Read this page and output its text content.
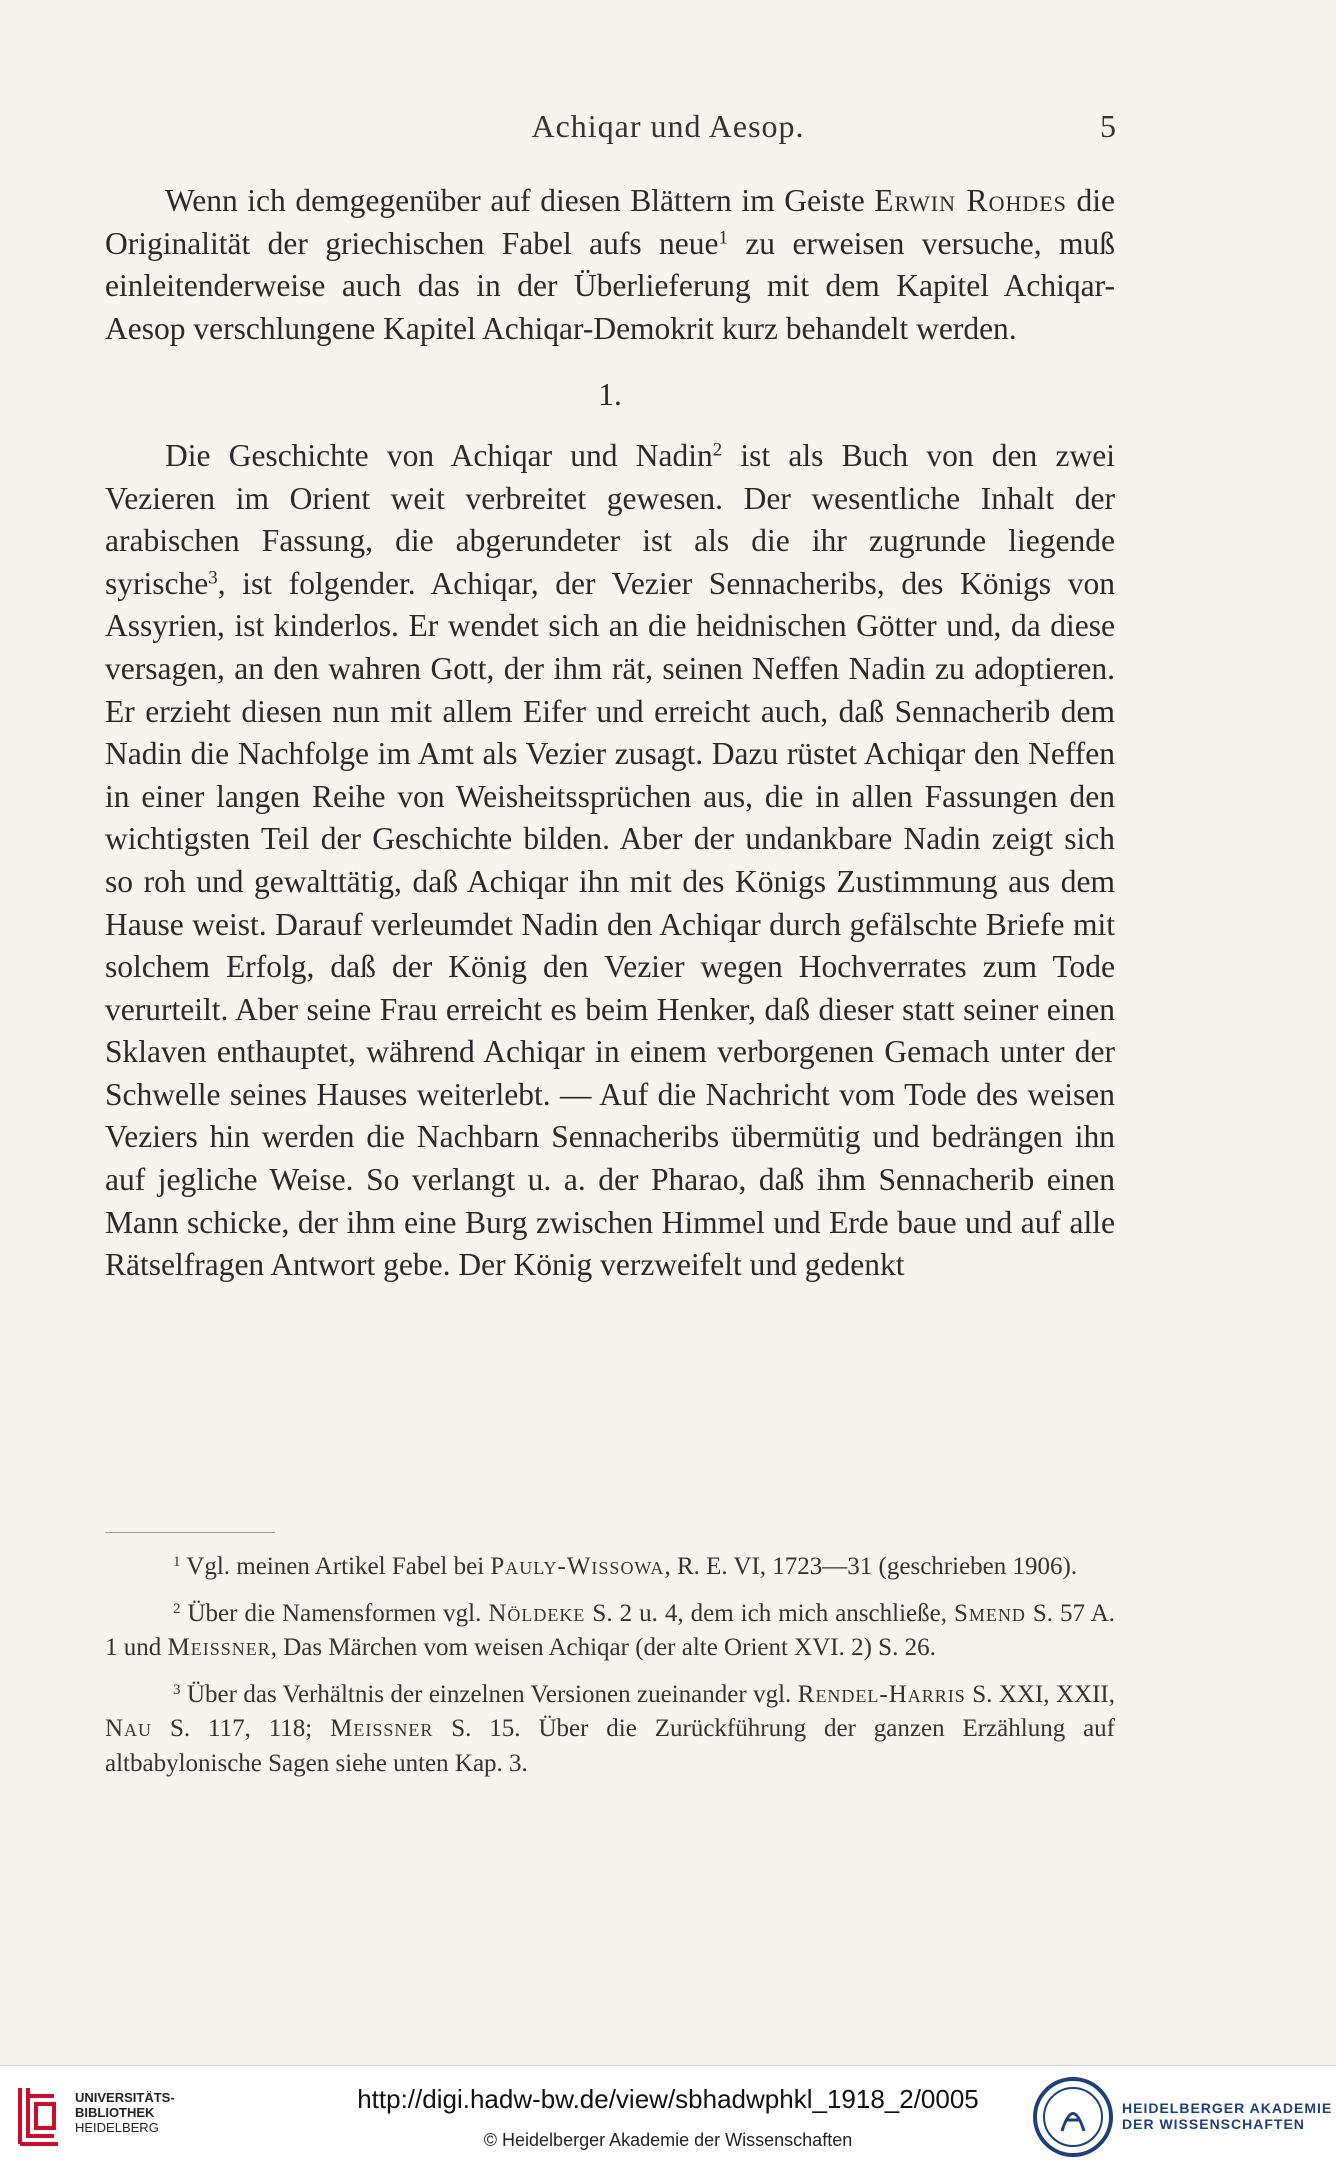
Achiqar und Aesop.	5

Wenn ich demgegenüber auf diesen Blättern im Geiste Erwin Rohdes die Originalität der griechischen Fabel aufs neue$^1$ zu erweisen versuche, muß einleitenderweise auch das in der Überlieferung mit dem Kapitel Achiqar-Aesop verschlungene Kapitel Achiqar-Demokrit kurz behandelt werden.

1.

Die Geschichte von Achiqar und Nadin$^2$ ist als Buch von den zwei Vezieren im Orient weit verbreitet gewesen. Der wesentliche Inhalt der arabischen Fassung, die abgerundeter ist als die ihr zugrunde liegende syrische$^3$, ist folgender. Achiqar, der Vezier Sennacheribs, des Königs von Assyrien, ist kinderlos. Er wendet sich an die heidnischen Götter und, da diese versagen, an den wahren Gott, der ihm rät, seinen Neffen Nadin zu adoptieren. Er erzieht diesen nun mit allem Eifer und erreicht auch, daß Sennacherib dem Nadin die Nachfolge im Amt als Vezier zusagt. Dazu rüstet Achiqar den Neffen in einer langen Reihe von Weisheitssprüchen aus, die in allen Fassungen den wichtigsten Teil der Geschichte bilden. Aber der undankbare Nadin zeigt sich so roh und gewalttätig, daß Achiqar ihn mit des Königs Zustimmung aus dem Hause weist. Darauf verleumdet Nadin den Achiqar durch gefälschte Briefe mit solchem Erfolg, daß der König den Vezier wegen Hochverrates zum Tode verurteilt. Aber seine Frau erreicht es beim Henker, daß dieser statt seiner einen Sklaven enthauptet, während Achiqar in einem verborgenen Gemach unter der Schwelle seines Hauses weiterlebt. — Auf die Nachricht vom Tode des weisen Veziers hin werden die Nachbarn Sennacheribs übermütig und bedrängen ihn auf jegliche Weise. So verlangt u. a. der Pharao, daß ihm Sennacherib einen Mann schicke, der ihm eine Burg zwischen Himmel und Erde baue und auf alle Rätselfragen Antwort gebe. Der König verzweifelt und gedenkt

$^1$ Vgl. meinen Artikel Fabel bei Pauly-Wissowa, R. E. VI, 1723—31 (geschrieben 1906).

$^2$ Über die Namensformen vgl. Nöldeke S. 2 u. 4, dem ich mich anschließe, Smend S. 57 A. 1 und Meissner, Das Märchen vom weisen Achiqar (der alte Orient XVI. 2) S. 26.

$^3$ Über das Verhältnis der einzelnen Versionen zueinander vgl. Rendel-Harris S. XXI, XXII, Nau S. 117, 118; Meissner S. 15. Über die Zurückführung der ganzen Erzählung auf altbabylonische Sagen siehe unten Kap. 3.

UNIVERSITÄTS-
BIBLIOTHEK
HEIDELBERG
http://digi.hadw-bw.de/view/sbhadwphkl_1918_2/0005
© Heidelberger Akademie der Wissenschaften
HEIDELBERGER AKADEMIE
DER WISSENSCHAFTEN
